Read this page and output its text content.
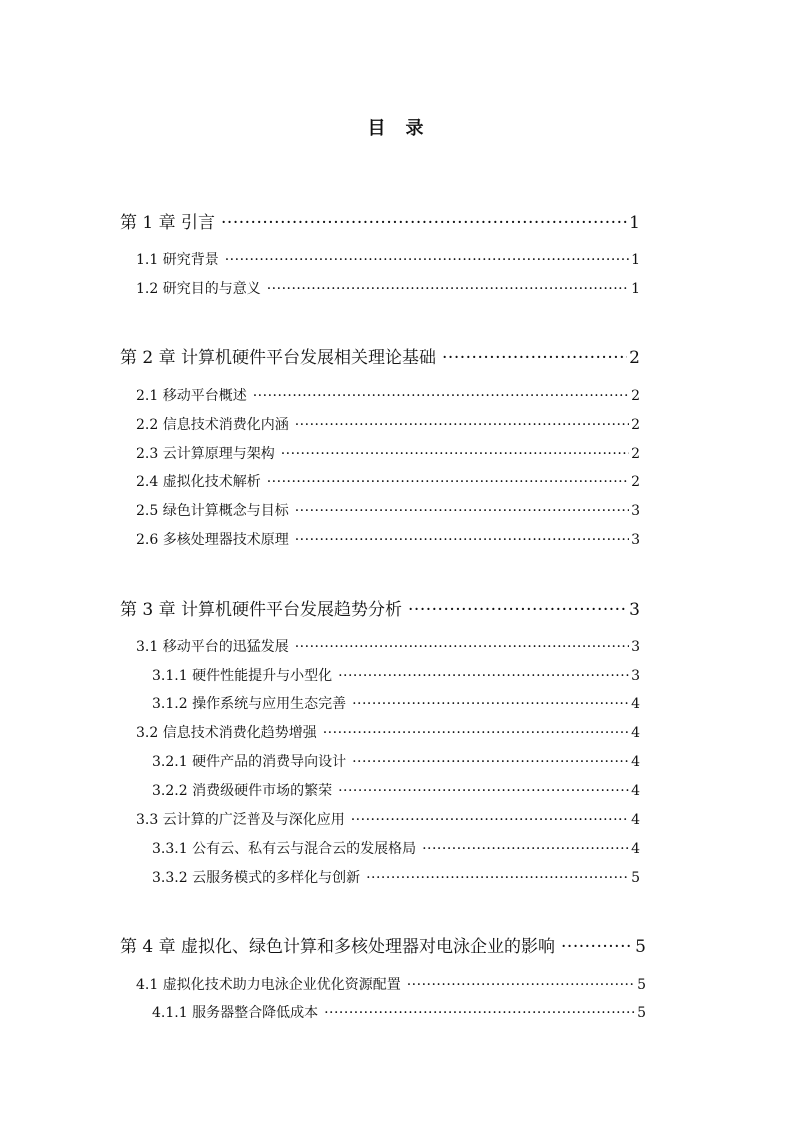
目 录
第 1 章 引言 ·····	1
1.1 研究背景 ·····	1
1.2 研究目的与意义 ·····	1
第 2 章 计算机硬件平台发展相关理论基础 ·····	2
2.1 移动平台概述 ·····	2
2.2 信息技术消费化内涵 ·····	2
2.3 云计算原理与架构 ·····	2
2.4 虚拟化技术解析 ·····	2
2.5 绿色计算概念与目标 ·····	3
2.6 多核处理器技术原理 ·····	3
第 3 章 计算机硬件平台发展趋势分析 ·····	3
3.1 移动平台的迅猛发展 ·····	3
3.1.1 硬件性能提升与小型化 ·····	3
3.1.2 操作系统与应用生态完善 ·····	4
3.2 信息技术消费化趋势增强 ·····	4
3.2.1 硬件产品的消费导向设计 ·····	4
3.2.2 消费级硬件市场的繁荣 ·····	4
3.3 云计算的广泛普及与深化应用 ·····	4
3.3.1 公有云、私有云与混合云的发展格局 ·····	4
3.3.2 云服务模式的多样化与创新 ·····	5
第 4 章 虚拟化、绿色计算和多核处理器对电泳企业的影响 ·····	5
4.1 虚拟化技术助力电泳企业优化资源配置 ·····	5
4.1.1 服务器整合降低成本 ·····	5
